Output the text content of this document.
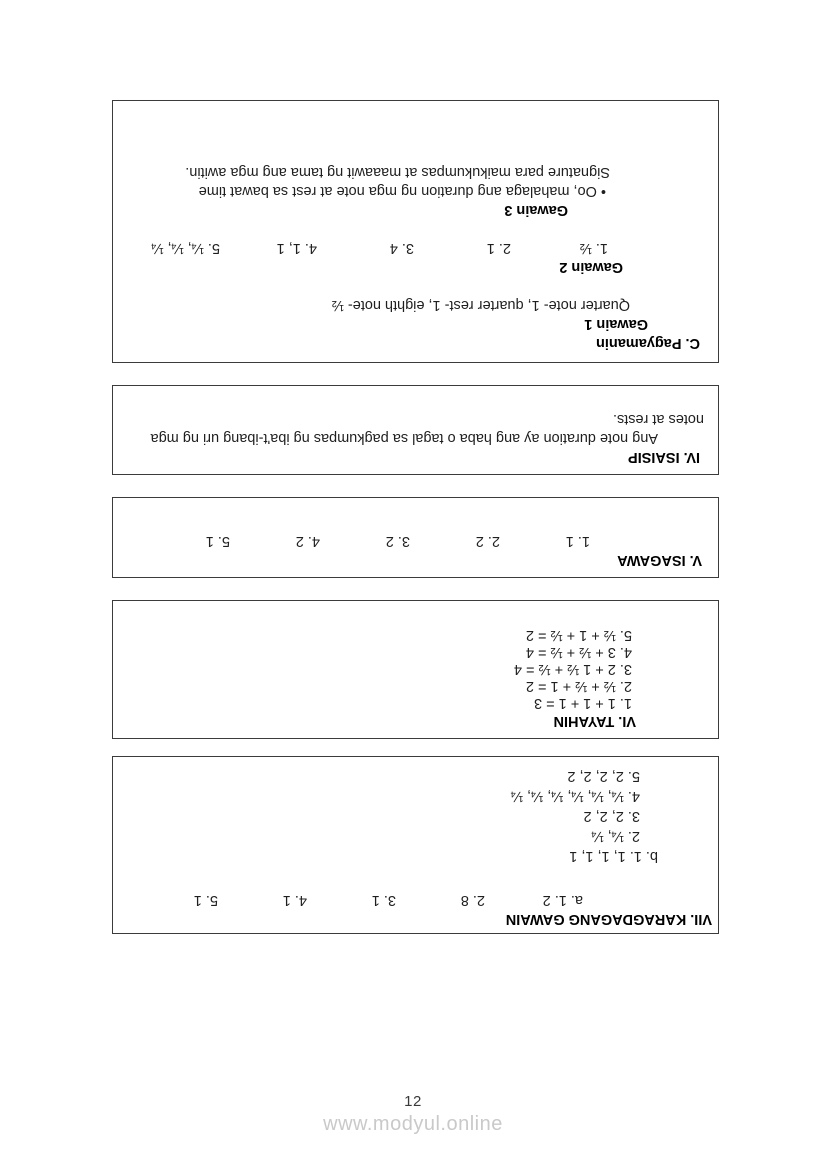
VII. KARAGDAGANG GAWAIN
a. 1. 2
2. 8
3. 1
4. 1
5. 1
b. 1. 1, 1, 1, 1
2. ¼, ¼
3. 2, 2, 2
4. ¼, ¼, ¼, ¼, ¼, ¼
5. 2, 2, 2, 2
VI. TAYAHIN
1. 1 + 1 + 1 = 3
2. ½ + ½ + 1 = 2
3. 2 + 1 ½ + ½ = 4
4. 3 + ½ + ½ = 4
5. ½ + 1 + ½ = 2
V. ISAGAWA
1. 1
2. 2
3. 2
4. 2
5. 1
IV. ISAISIP
Ang note duration ay ang haba o tagal sa pagkumpas ng iba't-ibang uri ng mga
notes at rests.
C. Pagyamanin
Gawain 1
Quarter note- 1, quarter rest- 1, eighth note- ½
Gawain 2
1. ½
2. 1
3. 4
4. 1, 1
5. ¼, ¼, ¼
Gawain 3
• Oo, mahalaga ang duration ng mga note at rest sa bawat time
Signature para maikukumpas at maaawit ng tama ang mga awitin.
12
www.modyul.online
